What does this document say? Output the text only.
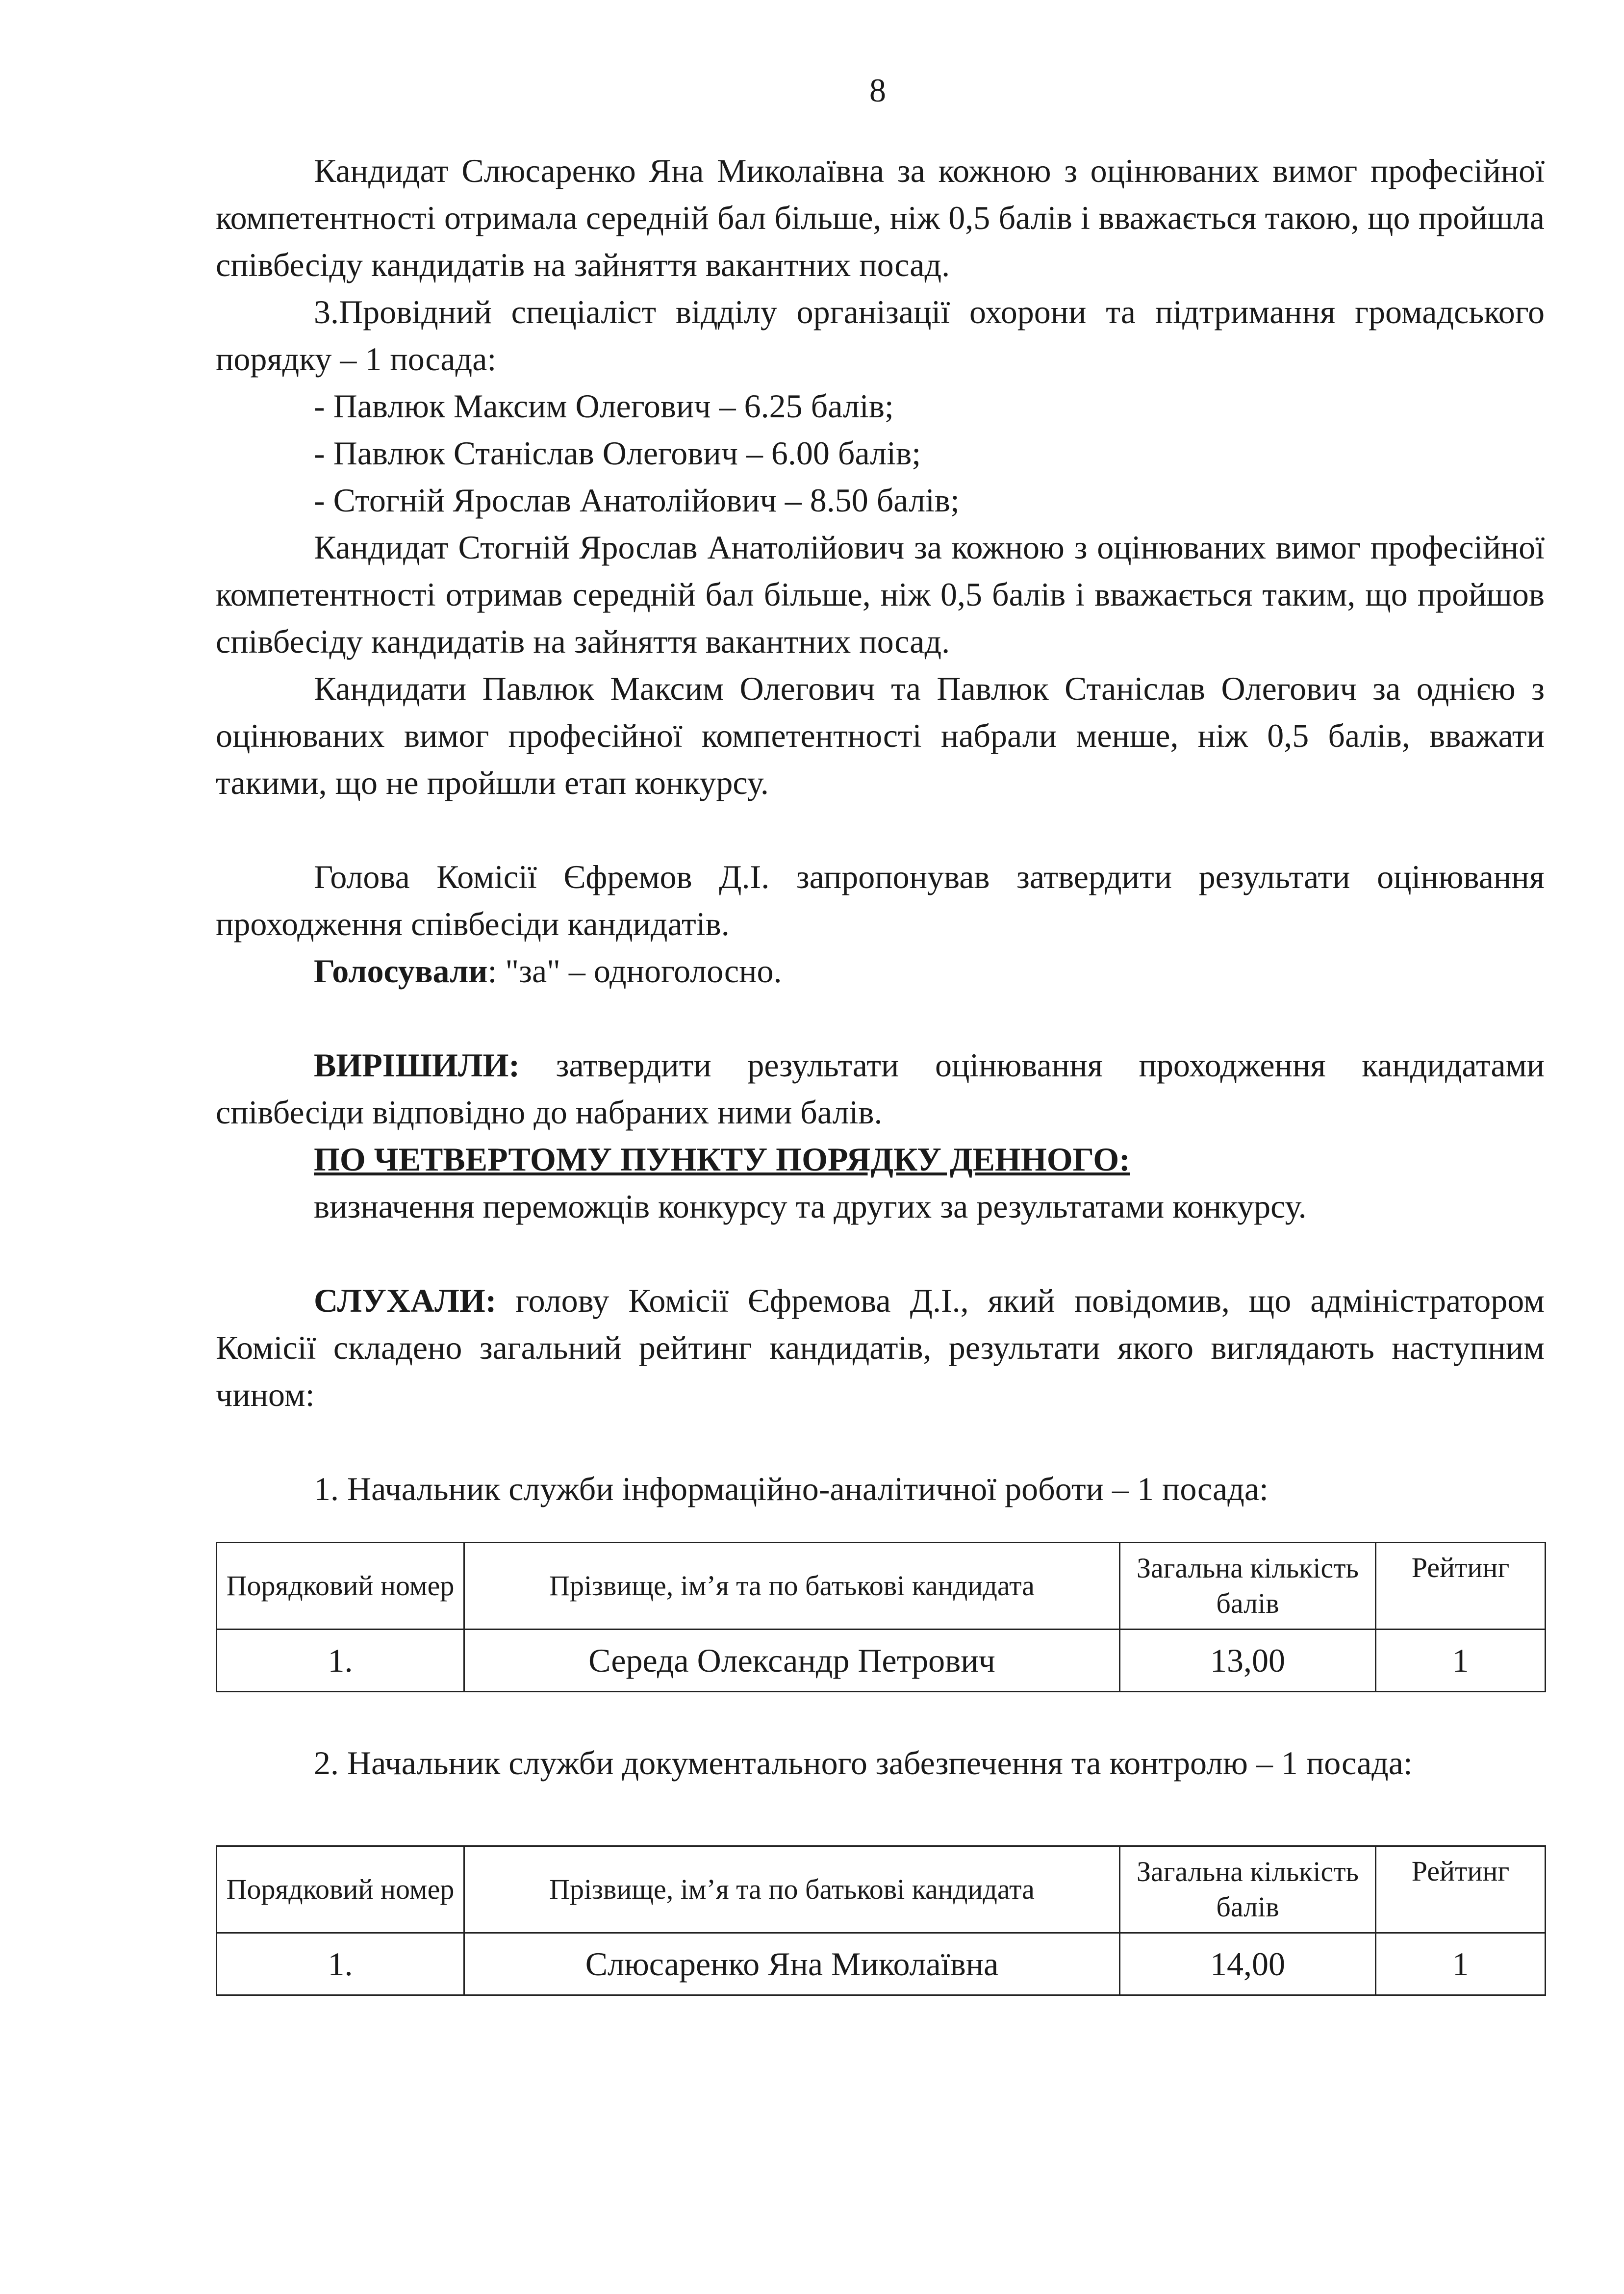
8

Кандидат Слюсаренко Яна Миколаївна за кожною з оцінюваних вимог професійної компетентності отримала середній бал більше, ніж 0,5 балів і вважається такою, що пройшла співбесіду кандидатів на зайняття вакантних посад.

3.Провідний спеціаліст відділу організації охорони та підтримання громадського порядку – 1 посада:

- Павлюк Максим Олегович – 6.25 балів;

- Павлюк Станіслав Олегович – 6.00 балів;

- Стогній Ярослав Анатолійович – 8.50 балів;

Кандидат Стогній Ярослав Анатолійович за кожною з оцінюваних вимог професійної компетентності отримав середній бал більше, ніж 0,5 балів і вважається таким, що пройшов співбесіду кандидатів на зайняття вакантних посад.

Кандидати Павлюк Максим Олегович та Павлюк Станіслав Олегович за однією з оцінюваних вимог професійної компетентності набрали менше, ніж 0,5 балів, вважати такими, що не пройшли етап конкурсу.

Голова Комісії Єфремов Д.І. запропонував затвердити результати оцінювання проходження співбесіди кандидатів.

Голосували: "за" – одноголосно.

ВИРІШИЛИ: затвердити результати оцінювання проходження кандидатами співбесіди відповідно до набраних ними балів.

ПО ЧЕТВЕРТОМУ ПУНКТУ ПОРЯДКУ ДЕННОГО:

визначення переможців конкурсу та других за результатами конкурсу.

СЛУХАЛИ: голову Комісії Єфремова Д.І., який повідомив, що адміністратором Комісії складено загальний рейтинг кандидатів, результати якого виглядають наступним чином:

1. Начальник служби інформаційно-аналітичної роботи – 1 посада:

Порядковий номер	Прізвище, ім’я та по батькові кандидата	Загальна кількість балів	Рейтинг
1.	Середа Олександр Петрович	13,00	1

2. Начальник служби документального забезпечення та контролю – 1 посада:

Порядковий номер	Прізвище, ім’я та по батькові кандидата	Загальна кількість балів	Рейтинг
1.	Слюсаренко Яна Миколаївна	14,00	1
